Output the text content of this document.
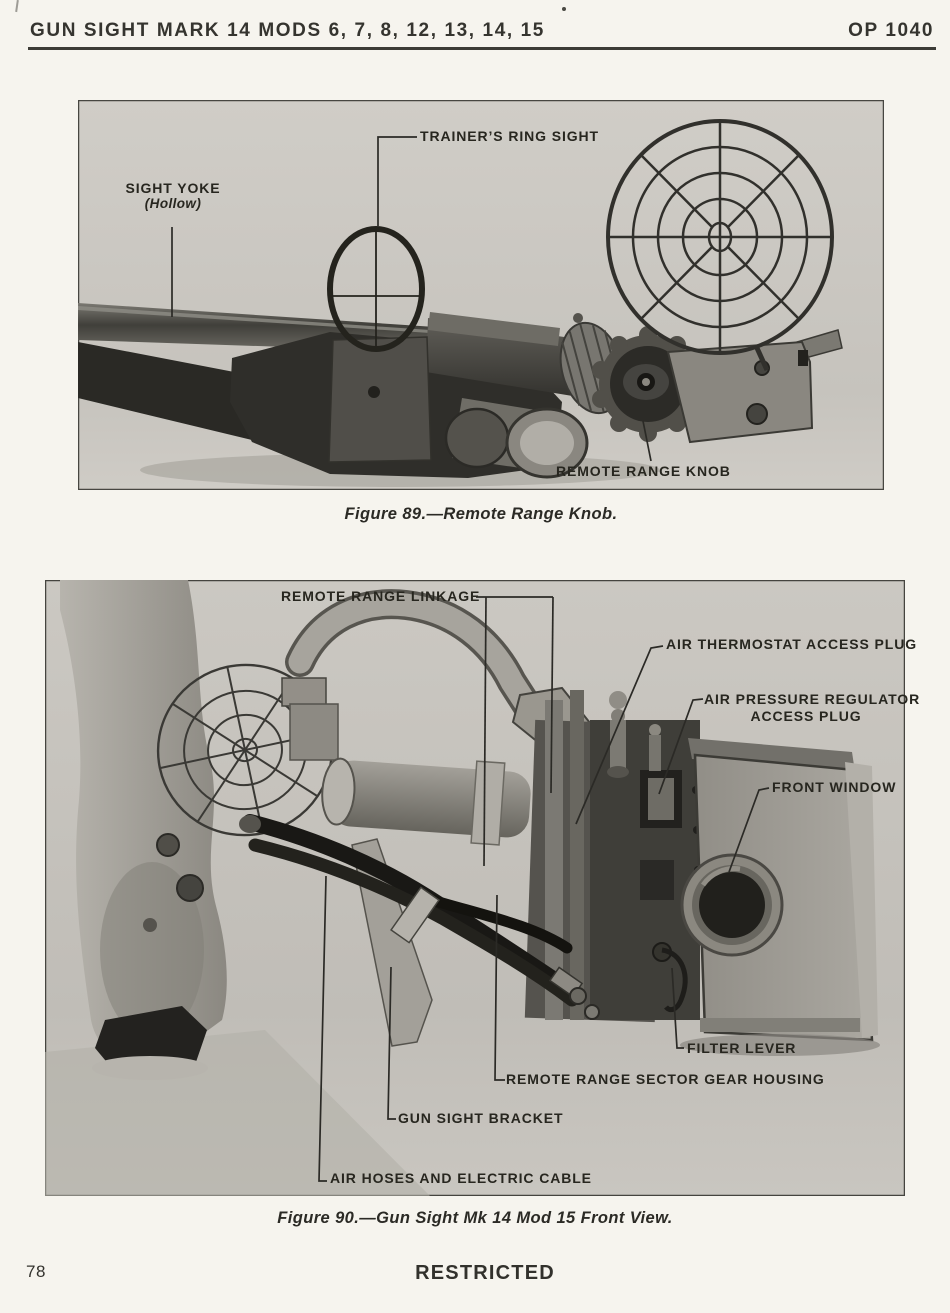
GUN SIGHT MARK 14 MODS 6, 7, 8, 12, 13, 14, 15	OP 1040
TRAINER’S RING SIGHT
SIGHT YOKE
(Hollow)
REMOTE RANGE KNOB
Figure 89.—Remote Range Knob.
REMOTE RANGE LINKAGE
AIR THERMOSTAT ACCESS PLUG
AIR PRESSURE REGULATOR
ACCESS PLUG
FRONT WINDOW
FILTER LEVER
REMOTE RANGE SECTOR GEAR HOUSING
GUN SIGHT BRACKET
AIR HOSES AND ELECTRIC CABLE
Figure 90.—Gun Sight Mk 14 Mod 15 Front View.
78	RESTRICTED
